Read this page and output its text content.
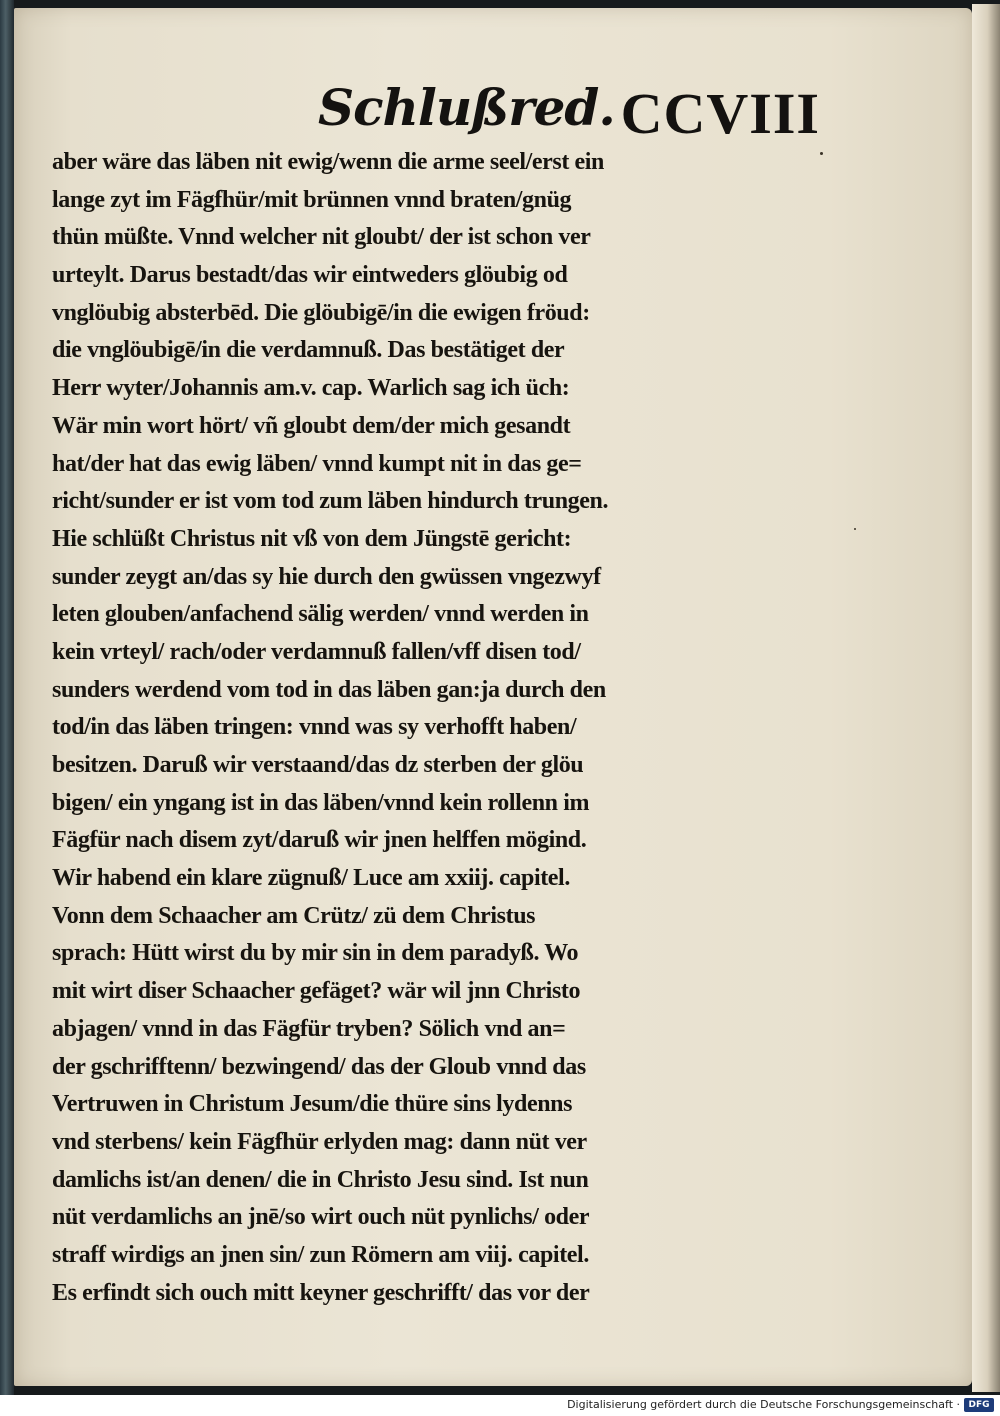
Schlußred. CCVIII
aber wäre das läben nit ewig/wenn die arme seel/erst ein
lange zyt im Fägfhür/mit brünnen vnnd braten/gnüg
thün müßte. Vnnd welcher nit gloubt/ der ist schon ver
urteylt. Darus bestadt/das wir eintweders glöubig od
vnglöubig absterbēd. Die glöubigē/in die ewigen fröud:
die vnglöubigē/in die verdamnuß. Das bestätiget der
Herr wyter/Johannis am.v. cap. Warlich sag ich üch:
Wär min wort hört/ vñ gloubt dem/der mich gesandt
hat/der hat das ewig läben/ vnnd kumpt nit in das ge=
richt/sunder er ist vom tod zum läben hindurch trungen.
Hie schlüßt Christus nit vß von dem Jüngstē gericht:
sunder zeygt an/das sy hie durch den gwüssen vngezwyf
leten glouben/anfachend sälig werden/ vnnd werden in
kein vrteyl/ rach/oder verdamnuß fallen/vff disen tod/
sunders werdend vom tod in das läben gan:ja durch den
tod/in das läben tringen: vnnd was sy verhofft haben/
besitzen. Daruß wir verstaand/das dz sterben der glöu
bigen/ ein yngang ist in das läben/vnnd kein rollenn im
Fägfür nach disem zyt/daruß wir jnen helffen mögind.
Wir habend ein klare zügnuß/ Luce am xxiij. capitel.
Vonn dem Schaacher am Crütz/ zü dem Christus
sprach: Hütt wirst du by mir sin in dem paradyß. Wo
mit wirt diser Schaacher gefäget? wär wil jnn Christo
abjagen/ vnnd in das Fägfür tryben? Sölich vnd an=
der gschrifftenn/ bezwingend/ das der Gloub vnnd das
Vertruwen in Christum Jesum/die thüre sins lydenns
vnd sterbens/ kein Fägfhür erlyden mag: dann nüt ver
damlichs ist/an denen/ die in Christo Jesu sind. Ist nun
nüt verdamlichs an jnē/so wirt ouch nüt pynlichs/ oder
straff wirdigs an jnen sin/ zun Römern am viij. capitel.
Es erfindt sich ouch mitt keyner geschrifft/ das vor der
Digitalisierung gefördert durch die Deutsche Forschungsgemeinschaft · DFG
